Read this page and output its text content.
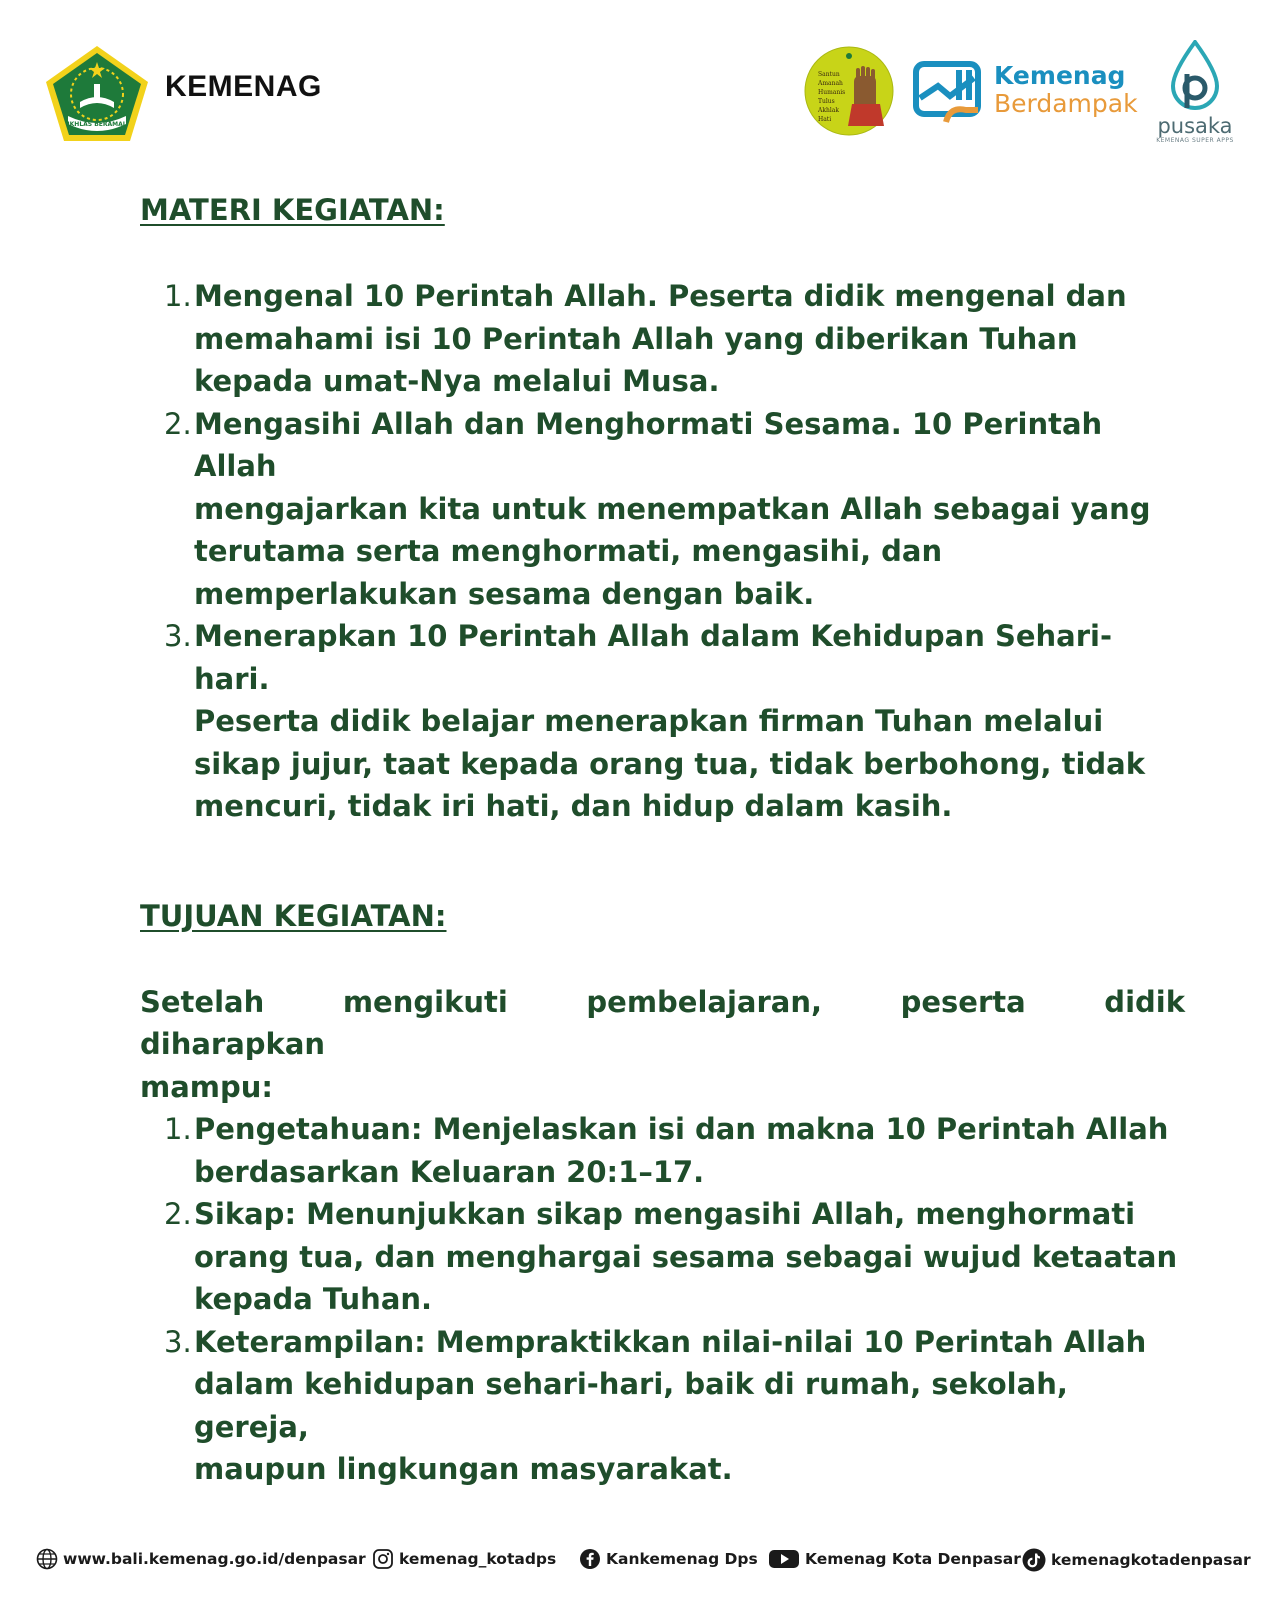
IKHLAS BERAMAL
KEMENAG	Santun
Amanah
Humanis
Tulus
Akhlak
Hati
Kemenag
Berdampak
pusaka
KEMENAG SUPER APPS
MATERI KEGIATAN:
1. Mengenal 10 Perintah Allah. Peserta didik mengenal dan
memahami isi 10 Perintah Allah yang diberikan Tuhan
kepada umat-Nya melalui Musa.
2. Mengasihi Allah dan Menghormati Sesama. 10 Perintah Allah
mengajarkan kita untuk menempatkan Allah sebagai yang
terutama serta menghormati, mengasihi, dan
memperlakukan sesama dengan baik.
3. Menerapkan 10 Perintah Allah dalam Kehidupan Sehari-hari.
Peserta didik belajar menerapkan firman Tuhan melalui
sikap jujur, taat kepada orang tua, tidak berbohong, tidak
mencuri, tidak iri hati, dan hidup dalam kasih.
TUJUAN KEGIATAN:

Setelah mengikuti pembelajaran, peserta didik diharapkan
mampu:

1. Pengetahuan: Menjelaskan isi dan makna 10 Perintah Allah
berdasarkan Keluaran 20:1–17.
2. Sikap: Menunjukkan sikap mengasihi Allah, menghormati
orang tua, dan menghargai sesama sebagai wujud ketaatan
kepada Tuhan.
3. Keterampilan: Mempraktikkan nilai-nilai 10 Perintah Allah
dalam kehidupan sehari-hari, baik di rumah, sekolah, gereja,
maupun lingkungan masyarakat.
www.bali.kemenag.go.id/denpasar kemenag_kotadps	Kankemenag Dps	Kemenag Kota Denpasar kemenagkotadenpasar
